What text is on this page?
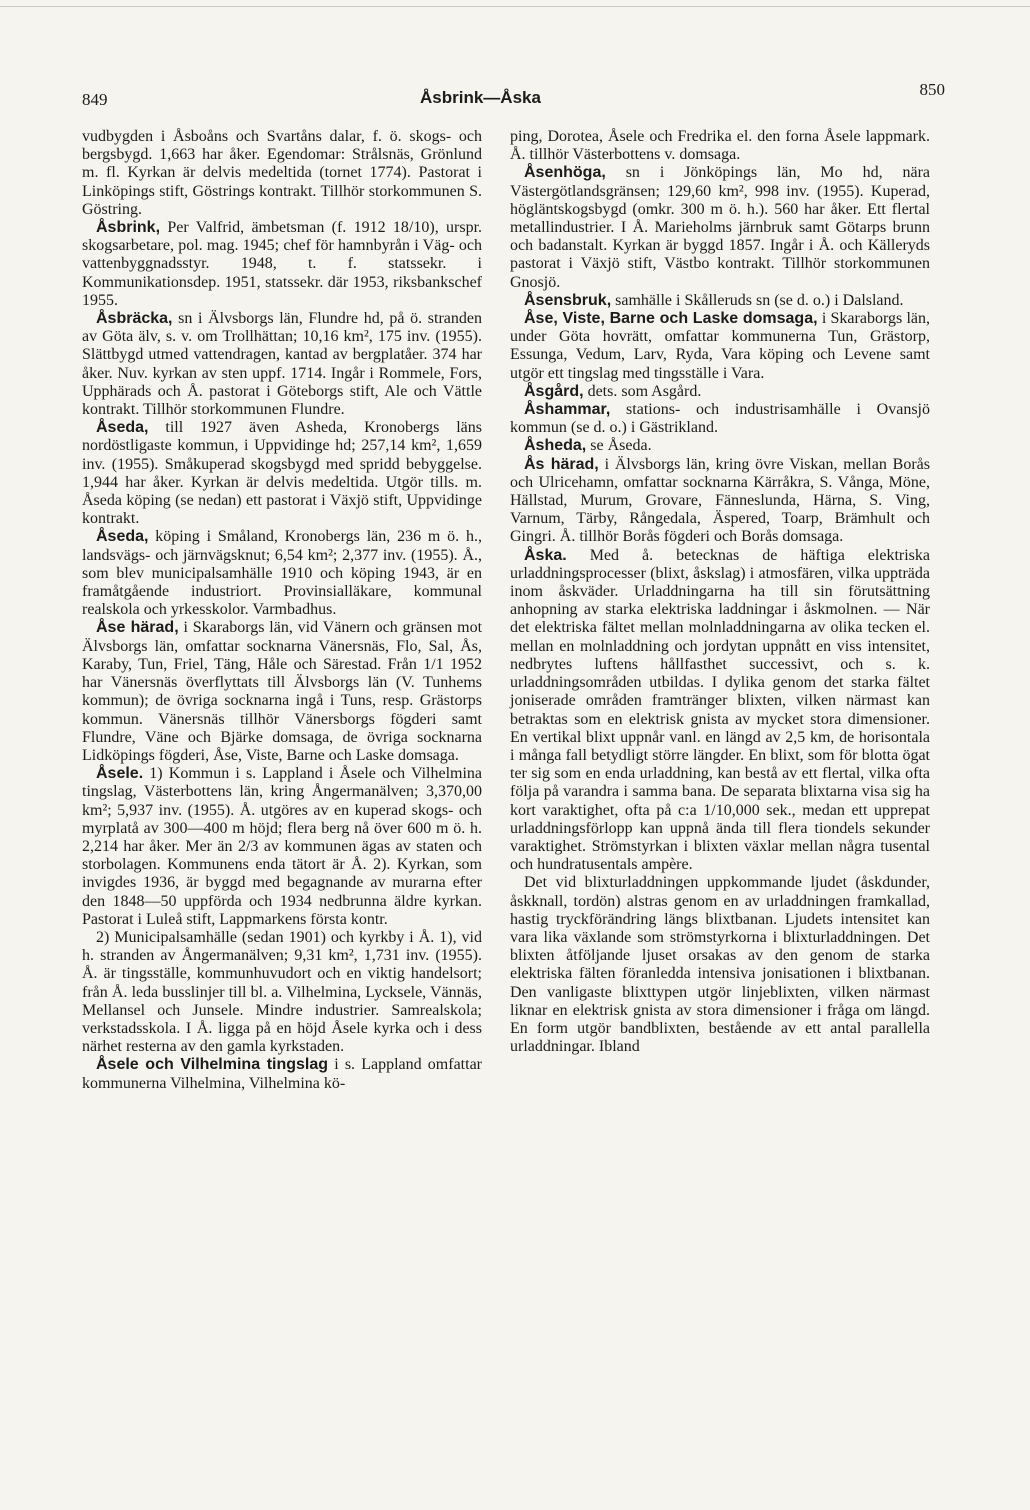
849	Åsbrink—Åska	850

vudbygden i Åsboåns och Svartåns dalar, f. ö. skogs- och bergsbygd. 1,663 har åker. Egendomar: Strålsnäs, Grönlund m. fl. Kyrkan är delvis medeltida (tornet 1774). Pastorat i Linköpings stift, Göstrings kontrakt. Tillhör storkommunen S. Göstring.

Åsbrink, Per Valfrid, ämbetsman (f. 1912 18/10), urspr. skogsarbetare, pol. mag. 1945; chef för hamnbyrån i Väg- och vattenbyggnadsstyr. 1948, t. f. statssekr. i Kommunikationsdep. 1951, statssekr. där 1953, riksbankschef 1955.

Åsbräcka, sn i Älvsborgs län, Flundre hd, på ö. stranden av Göta älv, s. v. om Trollhättan; 10,16 km², 175 inv. (1955). Slättbygd utmed vattendragen, kantad av bergplatåer. 374 har åker. Nuv. kyrkan av sten uppf. 1714. Ingår i Rommele, Fors, Upphärads och Å. pastorat i Göteborgs stift, Ale och Vättle kontrakt. Tillhör storkommunen Flundre.

Åseda, till 1927 även Asheda, Kronobergs läns nordöstligaste kommun, i Uppvidinge hd; 257,14 km², 1,659 inv. (1955). Småkuperad skogsbygd med spridd bebyggelse. 1,944 har åker. Kyrkan är delvis medeltida. Utgör tills. m. Åseda köping (se nedan) ett pastorat i Växjö stift, Uppvidinge kontrakt.

Åseda, köping i Småland, Kronobergs län, 236 m ö. h., landsvägs- och järnvägsknut; 6,54 km²; 2,377 inv. (1955). Å., som blev municipalsamhälle 1910 och köping 1943, är en framåtgående industriort. Provinsialläkare, kommunal realskola och yrkesskolor. Varmbadhus.

Åse härad, i Skaraborgs län, vid Vänern och gränsen mot Älvsborgs län, omfattar socknarna Vänersnäs, Flo, Sal, Ås, Karaby, Tun, Friel, Täng, Håle och Särestad. Från 1/1 1952 har Vänersnäs överflyttats till Älvsborgs län (V. Tunhems kommun); de övriga socknarna ingå i Tuns, resp. Grästorps kommun. Vänersnäs tillhör Vänersborgs fögderi samt Flundre, Väne och Bjärke domsaga, de övriga socknarna Lidköpings fögderi, Åse, Viste, Barne och Laske domsaga.

Åsele. 1) Kommun i s. Lappland i Åsele och Vilhelmina tingslag, Västerbottens län, kring Ångermanälven; 3,370,00 km²; 5,937 inv. (1955). Å. utgöres av en kuperad skogs- och myrplatå av 300—400 m höjd; flera berg nå över 600 m ö. h. 2,214 har åker. Mer än 2/3 av kommunen ägas av staten och storbolagen. Kommunens enda tätort är Å. 2). Kyrkan, som invigdes 1936, är byggd med begagnande av murarna efter den 1848—50 uppförda och 1934 nedbrunna äldre kyrkan. Pastorat i Luleå stift, Lappmarkens första kontr.

2) Municipalsamhälle (sedan 1901) och kyrkby i Å. 1), vid h. stranden av Ångermanälven; 9,31 km², 1,731 inv. (1955). Å. är tingsställe, kommunhuvudort och en viktig handelsort; från Å. leda busslinjer till bl. a. Vilhelmina, Lycksele, Vännäs, Mellansel och Junsele. Mindre industrier. Samrealskola; verkstadsskola. I Å. ligga på en höjd Åsele kyrka och i dess närhet resterna av den gamla kyrkstaden.

Åsele och Vilhelmina tingslag i s. Lappland omfattar kommunerna Vilhelmina, Vilhelmina kö-

ping, Dorotea, Åsele och Fredrika el. den forna Åsele lappmark. Å. tillhör Västerbottens v. domsaga.

Åsenhöga, sn i Jönköpings län, Mo hd, nära Västergötlandsgränsen; 129,60 km², 998 inv. (1955). Kuperad, högläntskogsbygd (omkr. 300 m ö. h.). 560 har åker. Ett flertal metallindustrier. I Å. Marieholms järnbruk samt Götarps brunn och badanstalt. Kyrkan är byggd 1857. Ingår i Å. och Källeryds pastorat i Växjö stift, Västbo kontrakt. Tillhör storkommunen Gnosjö.

Åsensbruk, samhälle i Skålleruds sn (se d. o.) i Dalsland.

Åse, Viste, Barne och Laske domsaga, i Skaraborgs län, under Göta hovrätt, omfattar kommunerna Tun, Grästorp, Essunga, Vedum, Larv, Ryda, Vara köping och Levene samt utgör ett tingslag med tingsställe i Vara.

Åsgård, dets. som Asgård.

Åshammar, stations- och industrisamhälle i Ovansjö kommun (se d. o.) i Gästrikland.

Åsheda, se Åseda.

Ås härad, i Älvsborgs län, kring övre Viskan, mellan Borås och Ulricehamn, omfattar socknarna Kärråkra, S. Vånga, Möne, Hällstad, Murum, Grovare, Fänneslunda, Härna, S. Ving, Varnum, Tärby, Rångedala, Äspered, Toarp, Brämhult och Gingri. Å. tillhör Borås fögderi och Borås domsaga.

Åska. Med å. betecknas de häftiga elektriska urladdningsprocesser (blixt, åskslag) i atmosfären, vilka uppträda inom åskväder. Urladdningarna ha till sin förutsättning anhopning av starka elektriska laddningar i åskmolnen. — När det elektriska fältet mellan molnladdningarna av olika tecken el. mellan en molnladdning och jordytan uppnått en viss intensitet, nedbrytes luftens hållfasthet successivt, och s. k. urladdningsområden utbildas. I dylika genom det starka fältet joniserade områden framtränger blixten, vilken närmast kan betraktas som en elektrisk gnista av mycket stora dimensioner. En vertikal blixt uppnår vanl. en längd av 2,5 km, de horisontala i många fall betydligt större längder. En blixt, som för blotta ögat ter sig som en enda urladdning, kan bestå av ett flertal, vilka ofta följa på varandra i samma bana. De separata blixtarna visa sig ha kort varaktighet, ofta på c:a 1/10,000 sek., medan ett upprepat urladdningsförlopp kan uppnå ända till flera tiondels sekunder varaktighet. Strömstyrkan i blixten växlar mellan några tusental och hundratusentals ampère.

Det vid blixturladdningen uppkommande ljudet (åskdunder, åskknall, tordön) alstras genom en av urladdningen framkallad, hastig tryckförändring längs blixtbanan. Ljudets intensitet kan vara lika växlande som strömstyrkorna i blixturladdningen. Det blixten åtföljande ljuset orsakas av den genom de starka elektriska fälten föranledda intensiva jonisationen i blixtbanan. Den vanligaste blixttypen utgör linjeblixten, vilken närmast liknar en elektrisk gnista av stora dimensioner i fråga om längd. En form utgör bandblixten, bestående av ett antal parallella urladdningar. Ibland
